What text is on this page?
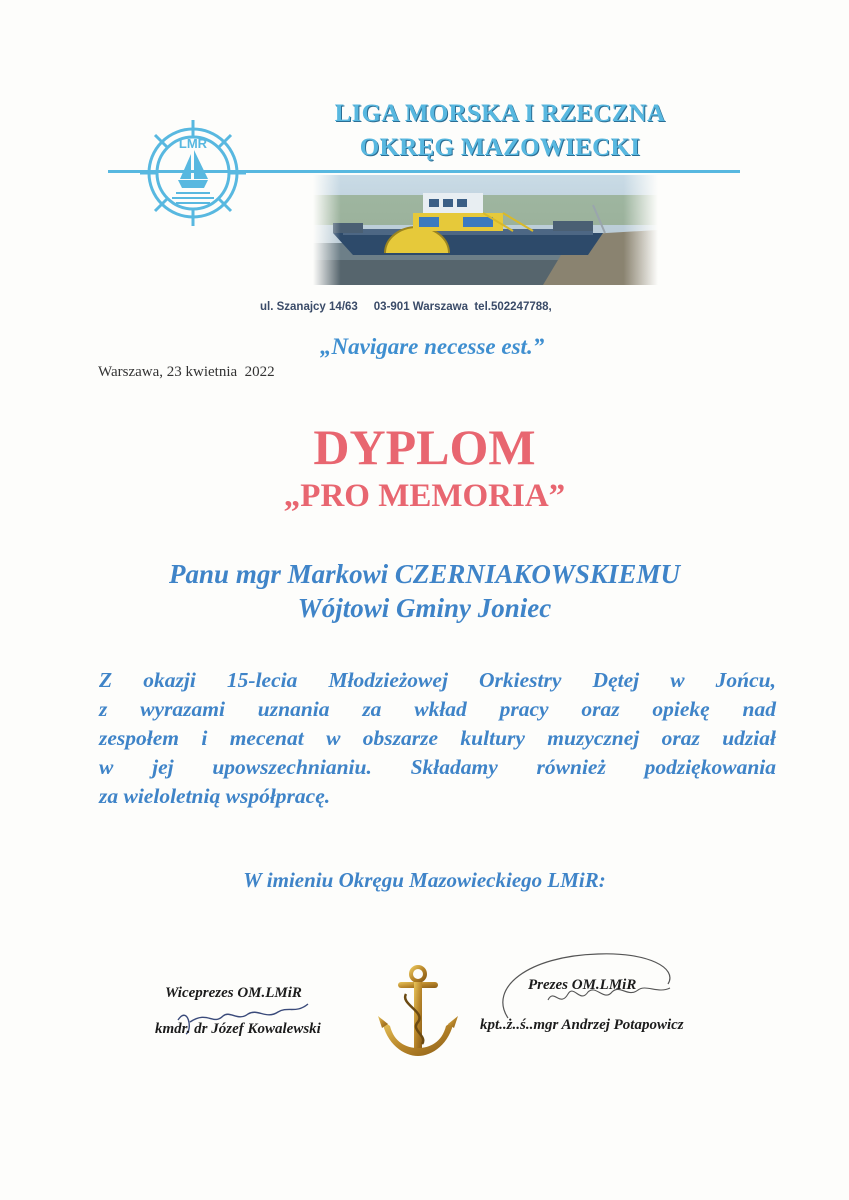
LMR
LIGA MORSKA I RZECZNA
OKRĘG MAZOWIECKI
ul. Szanajcy 14/63     03-901 Warszawa  tel.502247788,
„Navigare necesse est.”
Warszawa, 23 kwietnia  2022
DYPLOM
„PRO MEMORIA”
Panu mgr Markowi CZERNIAKOWSKIEMU
Wójtowi Gminy Joniec
Z okazji 15-lecia Młodzieżowej Orkiestry Dętej w Jońcu,
z wyrazami uznania za wkład pracy oraz opiekę nad
zespołem i mecenat w obszarze kultury muzycznej oraz udział
w jej upowszechnianiu. Składamy również podziękowania
za wieloletnią współpracę.
W imieniu Okręgu Mazowieckiego LMiR:
Wiceprezes OM.LMiR
kmdr. dr Józef Kowalewski
Prezes OM.LMiR
kpt..ż..ś..mgr Andrzej Potapowicz
